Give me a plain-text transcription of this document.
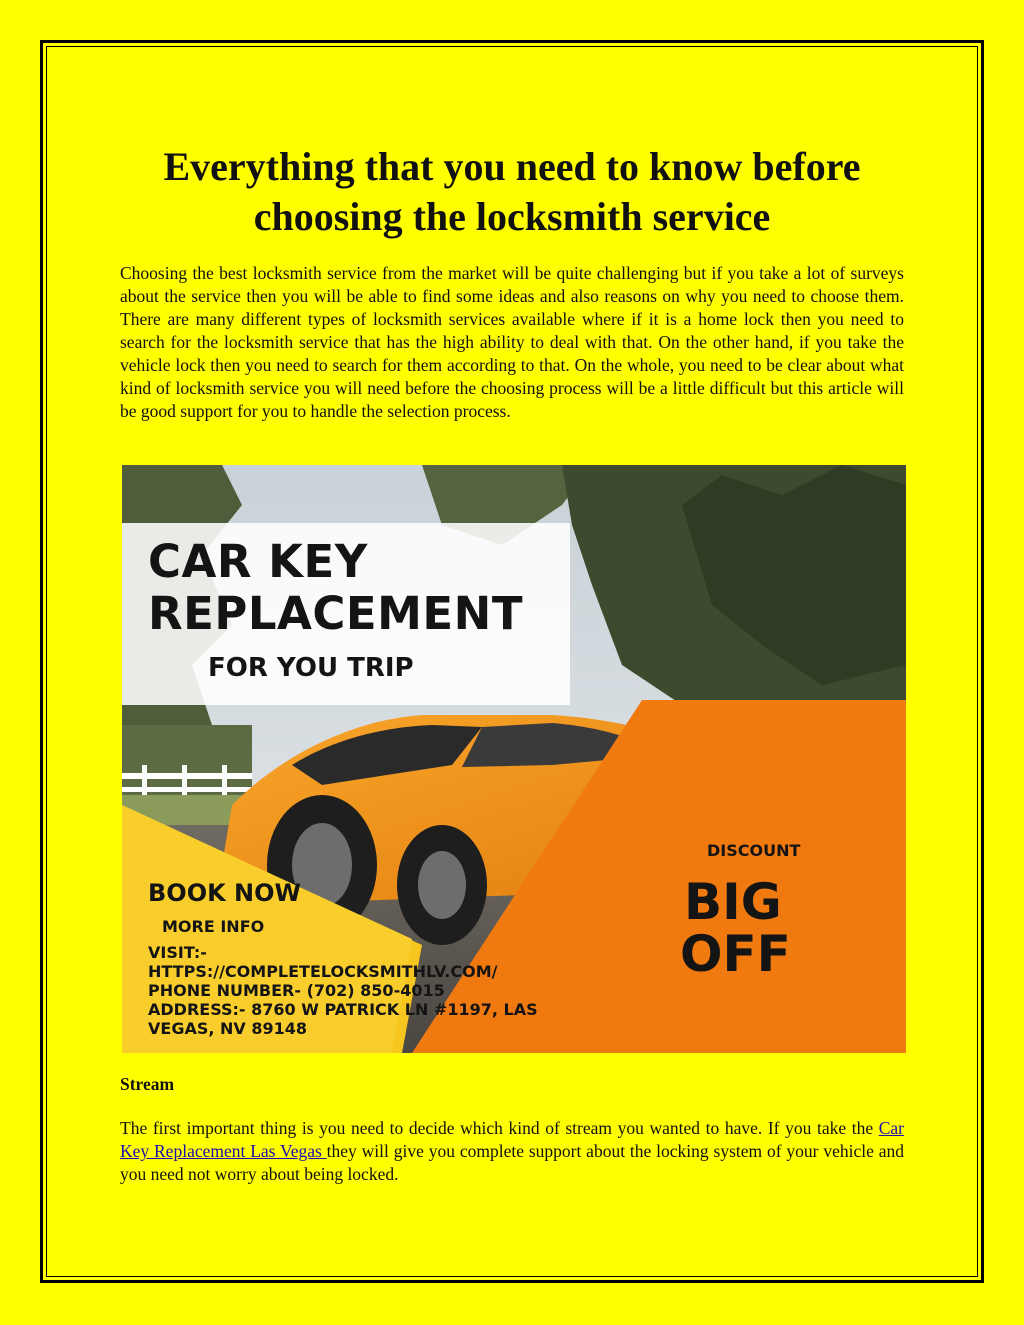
Everything that you need to know before choosing the locksmith service

Choosing the best locksmith service from the market will be quite challenging but if you take a lot of surveys about the service then you will be able to find some ideas and also reasons on why you need to choose them. There are many different types of locksmith services available where if it is a home lock then you need to search for the locksmith service that has the high ability to deal with that. On the other hand, if you take the vehicle lock then you need to search for them according to that. On the whole, you need to be clear about what kind of locksmith service you will need before the choosing process will be a little difficult but this article will be good support for you to handle the selection process.

CAR KEY

REPLACEMENT

FOR YOU TRIP

BOOK NOW

MORE INFO

VISIT:-

HTTPS://COMPLETELOCKSMITHLV.COM/

PHONE NUMBER- (702) 850-4015

ADDRESS:- 8760 W PATRICK LN #1197, LAS

VEGAS, NV 89148

DISCOUNT

BIG

OFF

Stream

The first important thing is you need to decide which kind of stream you wanted to have. If you take the Car Key Replacement Las Vegas they will give you complete support about the locking system of your vehicle and you need not worry about being locked.
